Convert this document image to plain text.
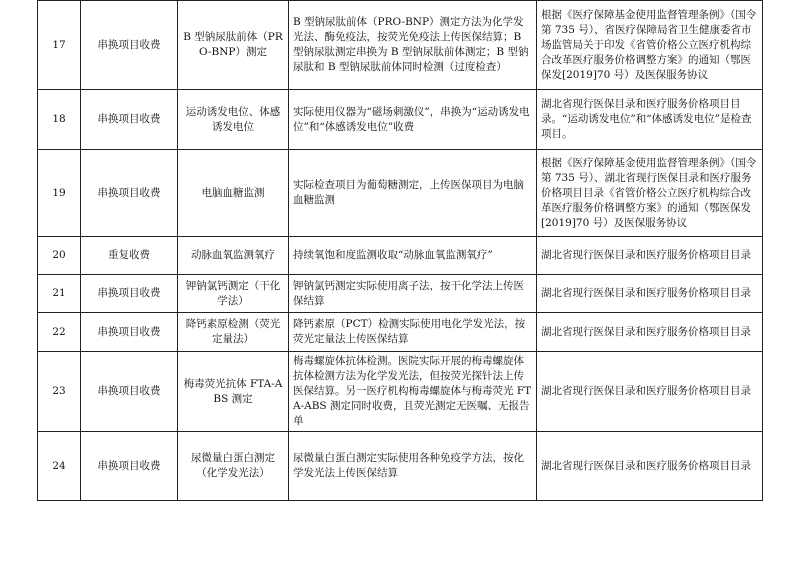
17	串换项目收费	B 型钠尿肽前体（PRO-BNP）测定	B 型钠尿肽前体（PRO-BNP）测定方法为化学发光法、酶免疫法，按荧光免疫法上传医保结算；B 型钠尿肽测定串换为 B 型钠尿肽前体测定；B 型钠尿肽和 B 型钠尿肽前体同时检测（过度检查）	根据《医疗保障基金使用监督管理条例》（国令第 735 号）、省医疗保障局省卫生健康委省市场监管局关于印发《省管价格公立医疗机构综合改革医疗服务价格调整方案》的通知（鄂医保发[2019]70 号）及医保服务协议
18	串换项目收费	运动诱发电位、体感诱发电位	实际使用仪器为“磁场刺激仪”，串换为“运动诱发电位”和“体感诱发电位”收费	湖北省现行医保目录和医疗服务价格项目目录。“运动诱发电位”和“体感诱发电位”是检查项目。
19	串换项目收费	电脑血糖监测	实际检查项目为葡萄糖测定，上传医保项目为电脑血糖监测	根据《医疗保障基金使用监督管理条例》（国令第 735 号）、湖北省现行医保目录和医疗服务价格项目目录《省管价格公立医疗机构综合改革医疗服务价格调整方案》的通知（鄂医保发[2019]70 号）及医保服务协议
20	重复收费	动脉血氧监测氧疗	持续氧饱和度监测收取“动脉血氧监测氧疗”	湖北省现行医保目录和医疗服务价格项目目录
21	串换项目收费	钾钠氯钙测定（干化学法）	钾钠氯钙测定实际使用离子法，按干化学法上传医保结算	湖北省现行医保目录和医疗服务价格项目目录
22	串换项目收费	降钙素原检测（荧光定量法）	降钙素原（PCT）检测实际使用电化学发光法，按荧光定量法上传医保结算	湖北省现行医保目录和医疗服务价格项目目录
23	串换项目收费	梅毒荧光抗体 FTA-ABS 测定	梅毒螺旋体抗体检测。医院实际开展的梅毒螺旋体抗体检测方法为化学发光法，但按荧光探针法上传医保结算。另一医疗机构梅毒螺旋体与梅毒荧光 FTA-ABS 测定同时收费，且荧光测定无医嘱、无报告单	湖北省现行医保目录和医疗服务价格项目目录
24	串换项目收费	尿微量白蛋白测定（化学发光法）	尿微量白蛋白测定实际使用各种免疫学方法，按化学发光法上传医保结算	湖北省现行医保目录和医疗服务价格项目目录
